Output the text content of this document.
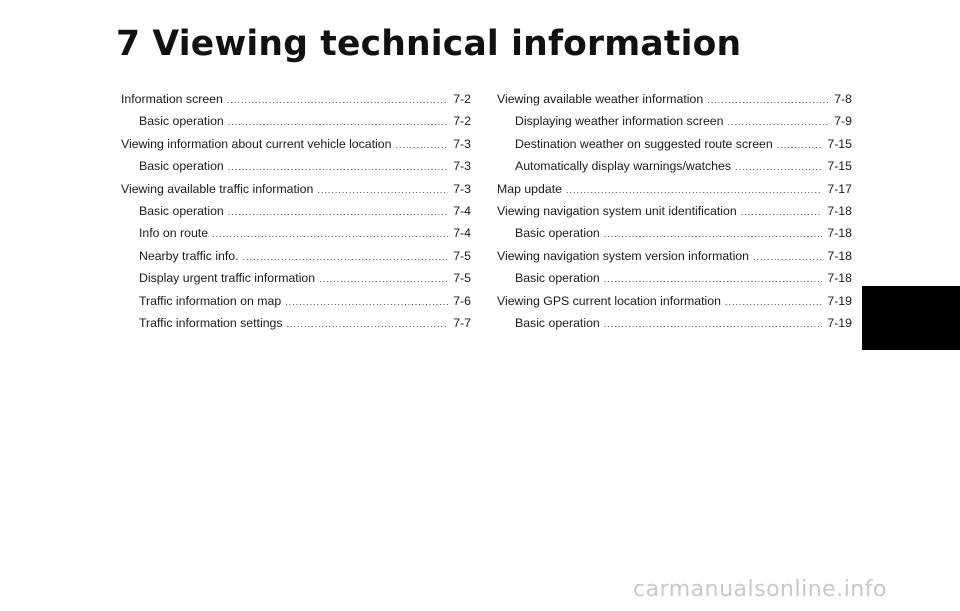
7 Viewing technical information
Information screen .....	7-2
Basic operation .....	7-2
Viewing information about current vehicle location .....	7-3
Basic operation .....	7-3
Viewing available traffic information .....	7-3
Basic operation .....	7-4
Info on route .....	7-4
Nearby traffic info. .....	7-5
Display urgent traffic information .....	7-5
Traffic information on map .....	7-6
Traffic information settings .....	7-7
Viewing available weather information .....	7-8
Displaying weather information screen .....	7-9
Destination weather on suggested route screen .....	7-15
Automatically display warnings/watches .....	7-15
Map update .....	7-17
Viewing navigation system unit identification .....	7-18
Basic operation .....	7-18
Viewing navigation system version information .....	7-18
Basic operation .....	7-18
Viewing GPS current location information .....	7-19
Basic operation .....	7-19
carmanualsonline.info
